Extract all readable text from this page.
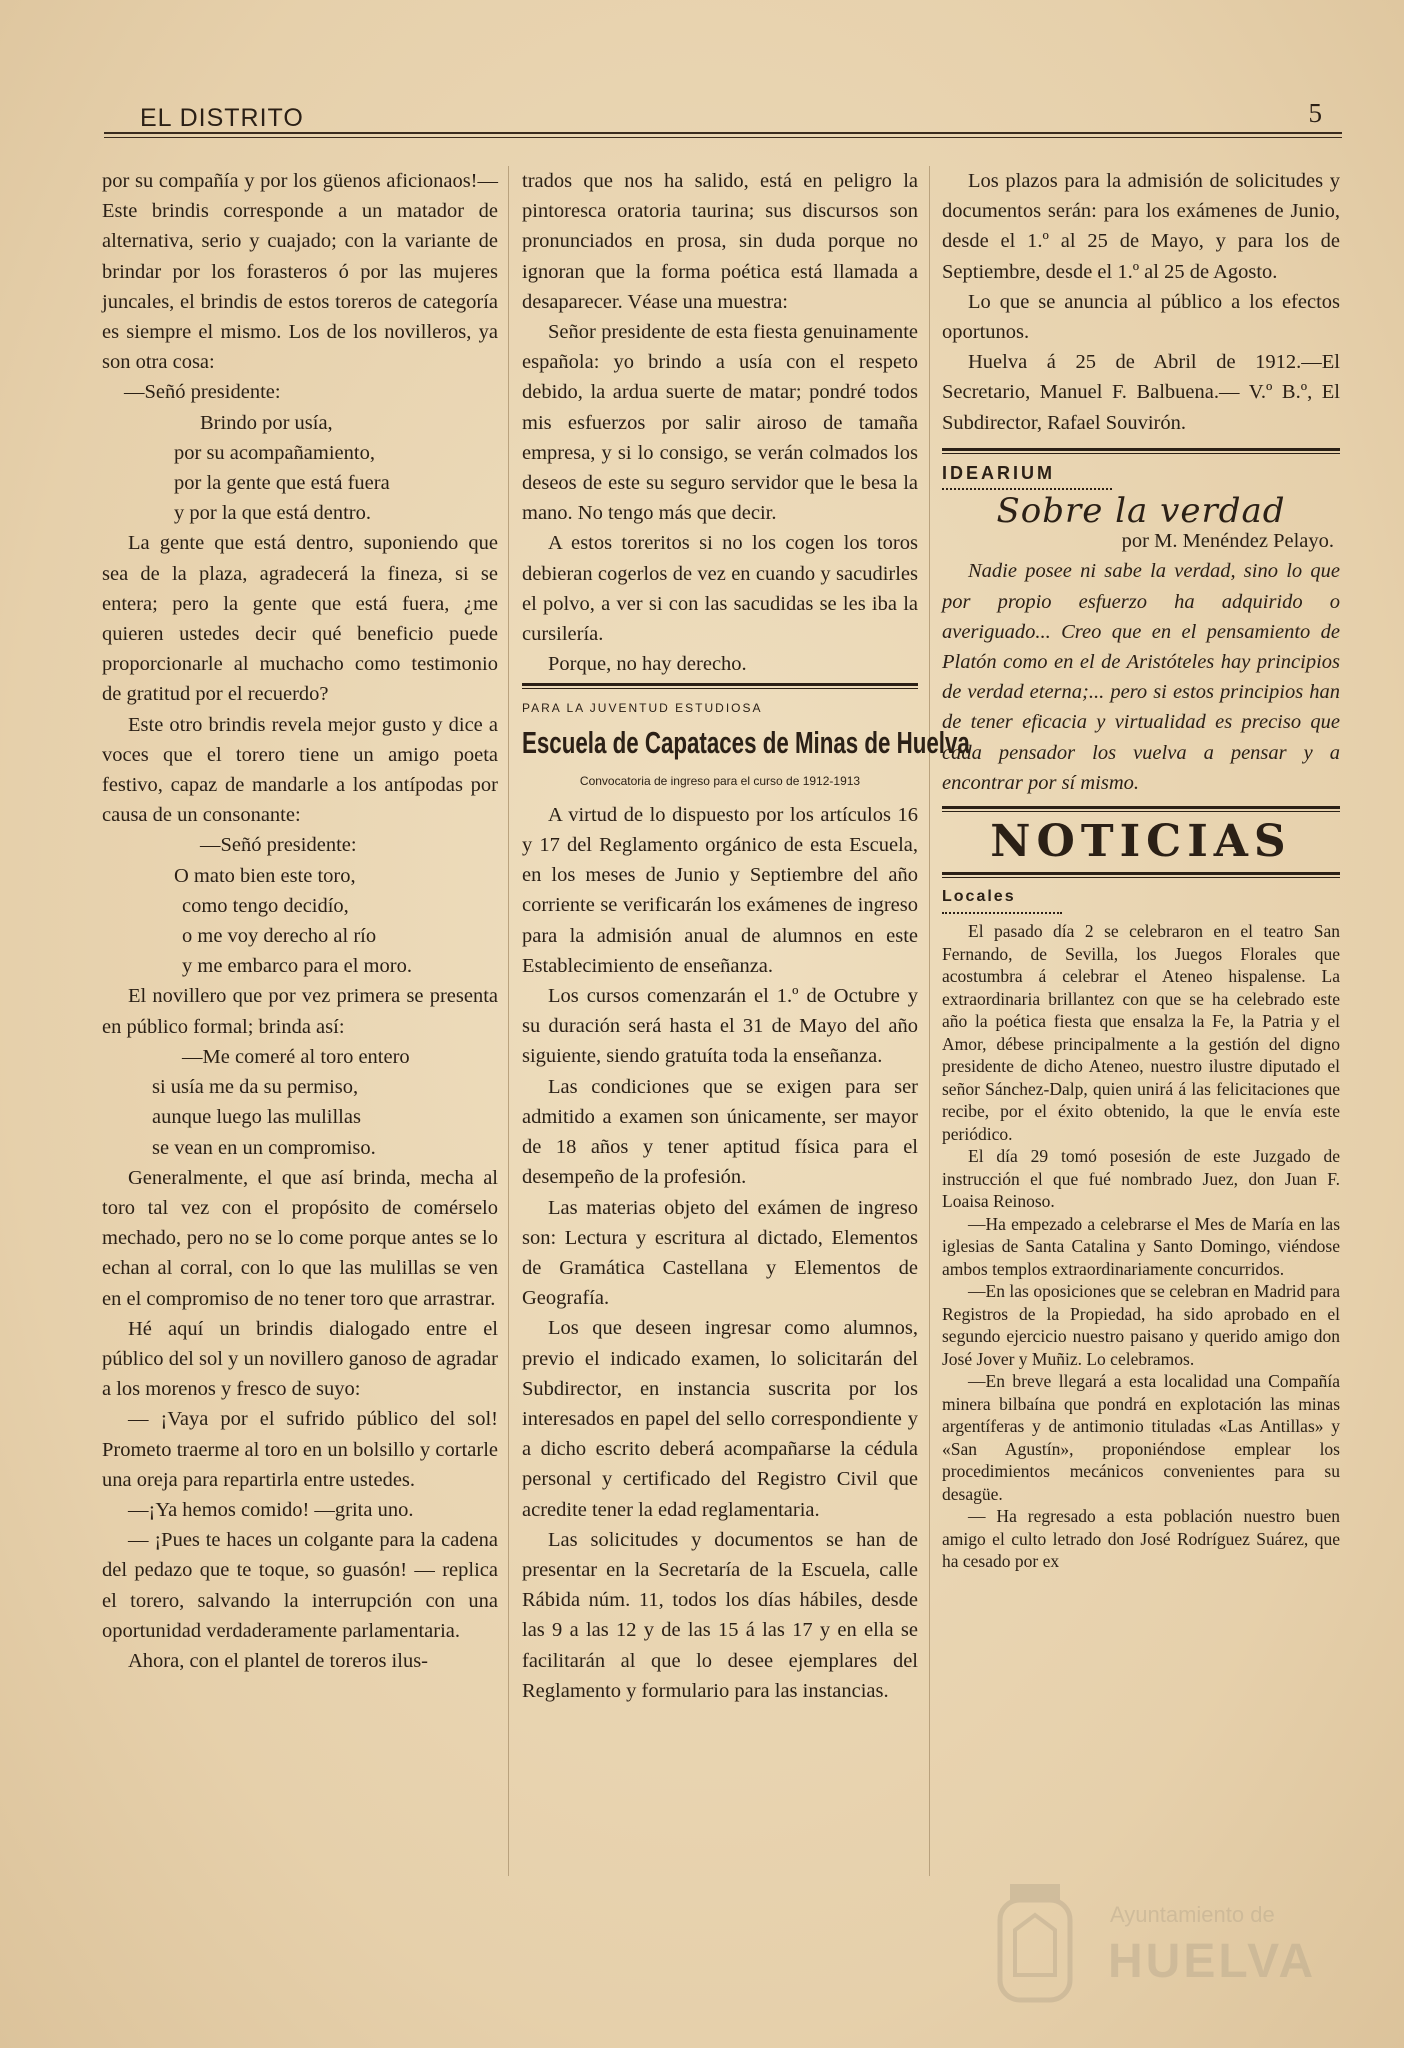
EL DISTRITO	5

por su compañía y por los güenos aficionaos!—Este brindis corresponde a un matador de alternativa, serio y cuajado; con la variante de brindar por los forasteros ó por las mujeres juncales, el brindis de estos toreros de categoría es siempre el mismo. Los de los novilleros, ya son otra cosa:

—Señó presidente:

Brindo por usía,

por su acompañamiento,

por la gente que está fuera

y por la que está dentro.

La gente que está dentro, suponiendo que sea de la plaza, agradecerá la fineza, si se entera; pero la gente que está fuera, ¿me quieren ustedes decir qué beneficio puede proporcionarle al muchacho como testimonio de gratitud por el recuerdo?

Este otro brindis revela mejor gusto y dice a voces que el torero tiene un amigo poeta festivo, capaz de mandarle a los antípodas por causa de un consonante:

—Señó presidente:

O mato bien este toro,

como tengo decidío,

o me voy derecho al río

y me embarco para el moro.

El novillero que por vez primera se presenta en público formal; brinda así:

—Me comeré al toro entero

si usía me da su permiso,

aunque luego las mulillas

se vean en un compromiso.

Generalmente, el que así brinda, mecha al toro tal vez con el propósito de comérselo mechado, pero no se lo come porque antes se lo echan al corral, con lo que las mulillas se ven en el compromiso de no tener toro que arrastrar.

Hé aquí un brindis dialogado entre el público del sol y un novillero ganoso de agradar a los morenos y fresco de suyo:

— ¡Vaya por el sufrido público del sol! Prometo traerme al toro en un bolsillo y cortarle una oreja para repartirla entre ustedes.

—¡Ya hemos comido! —grita uno.

— ¡Pues te haces un colgante para la cadena del pedazo que te toque, so guasón! — replica el torero, salvando la interrupción con una oportunidad verdaderamente parlamentaria.

Ahora, con el plantel de toreros ilus-

trados que nos ha salido, está en peligro la pintoresca oratoria taurina; sus discursos son pronunciados en prosa, sin duda porque no ignoran que la forma poética está llamada a desaparecer. Véase una muestra:

Señor presidente de esta fiesta genuinamente española: yo brindo a usía con el respeto debido, la ardua suerte de matar; pondré todos mis esfuerzos por salir airoso de tamaña empresa, y si lo consigo, se verán colmados los deseos de este su seguro servidor que le besa la mano. No tengo más que decir.

A estos toreritos si no los cogen los toros debieran cogerlos de vez en cuando y sacudirles el polvo, a ver si con las sacudidas se les iba la cursilería.

Porque, no hay derecho.

PARA LA JUVENTUD ESTUDIOSA
Escuela de Capataces de Minas de Huelva
Convocatoria de ingreso para el curso de 1912-1913

A virtud de lo dispuesto por los artículos 16 y 17 del Reglamento orgánico de esta Escuela, en los meses de Junio y Septiembre del año corriente se verificarán los exámenes de ingreso para la admisión anual de alumnos en este Establecimiento de enseñanza.

Los cursos comenzarán el 1.º de Octubre y su duración será hasta el 31 de Mayo del año siguiente, siendo gratuíta toda la enseñanza.

Las condiciones que se exigen para ser admitido a examen son únicamente, ser mayor de 18 años y tener aptitud física para el desempeño de la profesión.

Las materias objeto del exámen de ingreso son: Lectura y escritura al dictado, Elementos de Gramática Castellana y Elementos de Geografía.

Los que deseen ingresar como alumnos, previo el indicado examen, lo solicitarán del Subdirector, en instancia suscrita por los interesados en papel del sello correspondiente y a dicho escrito deberá acompañarse la cédula personal y certificado del Registro Civil que acredite tener la edad reglamentaria.

Las solicitudes y documentos se han de presentar en la Secretaría de la Escuela, calle Rábida núm. 11, todos los días hábiles, desde las 9 a las 12 y de las 15 á las 17 y en ella se facilitarán al que lo desee ejemplares del Reglamento y formulario para las instancias.

Los plazos para la admisión de solicitudes y documentos serán: para los exámenes de Junio, desde el 1.º al 25 de Mayo, y para los de Septiembre, desde el 1.º al 25 de Agosto.

Lo que se anuncia al público a los efectos oportunos.

Huelva á 25 de Abril de 1912.—El Secretario, Manuel F. Balbuena.— V.º B.º, El Subdirector, Rafael Souvirón.

IDEARIUM
Sobre la verdad
por M. Menéndez Pelayo.

Nadie posee ni sabe la verdad, sino lo que por propio esfuerzo ha adquirido o averiguado... Creo que en el pensamiento de Platón como en el de Aristóteles hay principios de verdad eterna;... pero si estos principios han de tener eficacia y virtualidad es preciso que cada pensador los vuelva a pensar y a encontrar por sí mismo.

NOTICIAS
Locales

El pasado día 2 se celebraron en el teatro San Fernando, de Sevilla, los Juegos Florales que acostumbra á celebrar el Ateneo hispalense. La extraordinaria brillantez con que se ha celebrado este año la poética fiesta que ensalza la Fe, la Patria y el Amor, débese principalmente a la gestión del digno presidente de dicho Ateneo, nuestro ilustre diputado el señor Sánchez-Dalp, quien unirá á las felicitaciones que recibe, por el éxito obtenido, la que le envía este periódico.

El día 29 tomó posesión de este Juzgado de instrucción el que fué nombrado Juez, don Juan F. Loaisa Reinoso.

—Ha empezado a celebrarse el Mes de María en las iglesias de Santa Catalina y Santo Domingo, viéndose ambos templos extraordinariamente concurridos.

—En las oposiciones que se celebran en Madrid para Registros de la Propiedad, ha sido aprobado en el segundo ejercicio nuestro paisano y querido amigo don José Jover y Muñiz. Lo celebramos.

—En breve llegará a esta localidad una Compañía minera bilbaína que pondrá en explotación las minas argentíferas y de antimonio tituladas «Las Antillas» y «San Agustín», proponiéndose emplear los procedimientos mecánicos convenientes para su desagüe.

— Ha regresado a esta población nuestro buen amigo el culto letrado don José Rodríguez Suárez, que ha cesado por ex

Ayuntamiento de
HUELVA
